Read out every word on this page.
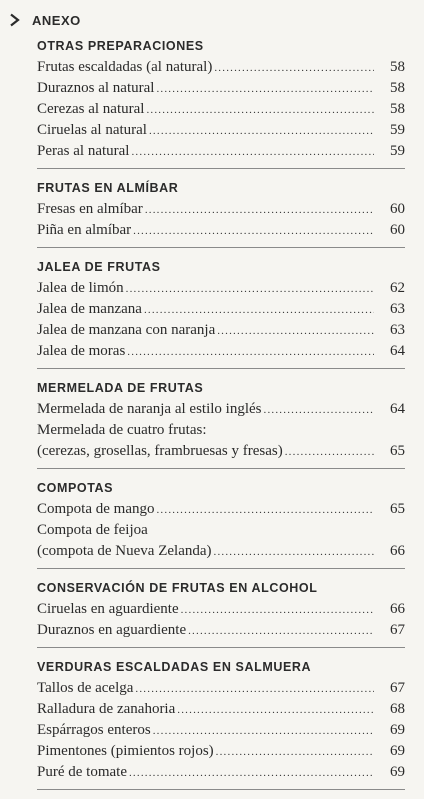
ANEXO
OTRAS PREPARACIONES
Frutas escaldadas (al natural) .....	58
Duraznos al natural .....	58
Cerezas al natural .....	58
Ciruelas al natural .....	59
Peras al natural .....	59
FRUTAS EN ALMÍBAR
Fresas en almíbar .....	60
Piña en almíbar .....	60
JALEA DE FRUTAS
Jalea de limón .....	62
Jalea de manzana .....	63
Jalea de manzana con naranja .....	63
Jalea de moras .....	64
MERMELADA DE FRUTAS
Mermelada de naranja al estilo inglés .....	64
Mermelada de cuatro frutas:
(cerezas, grosellas, frambruesas y fresas) .....	65
COMPOTAS
Compota de mango .....	65
Compota de feijoa
(compota de Nueva Zelanda) .....	66
CONSERVACIÓN DE FRUTAS EN ALCOHOL
Ciruelas en aguardiente .....	66
Duraznos en aguardiente .....	67
VERDURAS ESCALDADAS EN SALMUERA
Tallos de acelga .....	67
Ralladura de zanahoria .....	68
Espárragos enteros .....	69
Pimentones (pimientos rojos) .....	69
Puré de tomate .....	69
